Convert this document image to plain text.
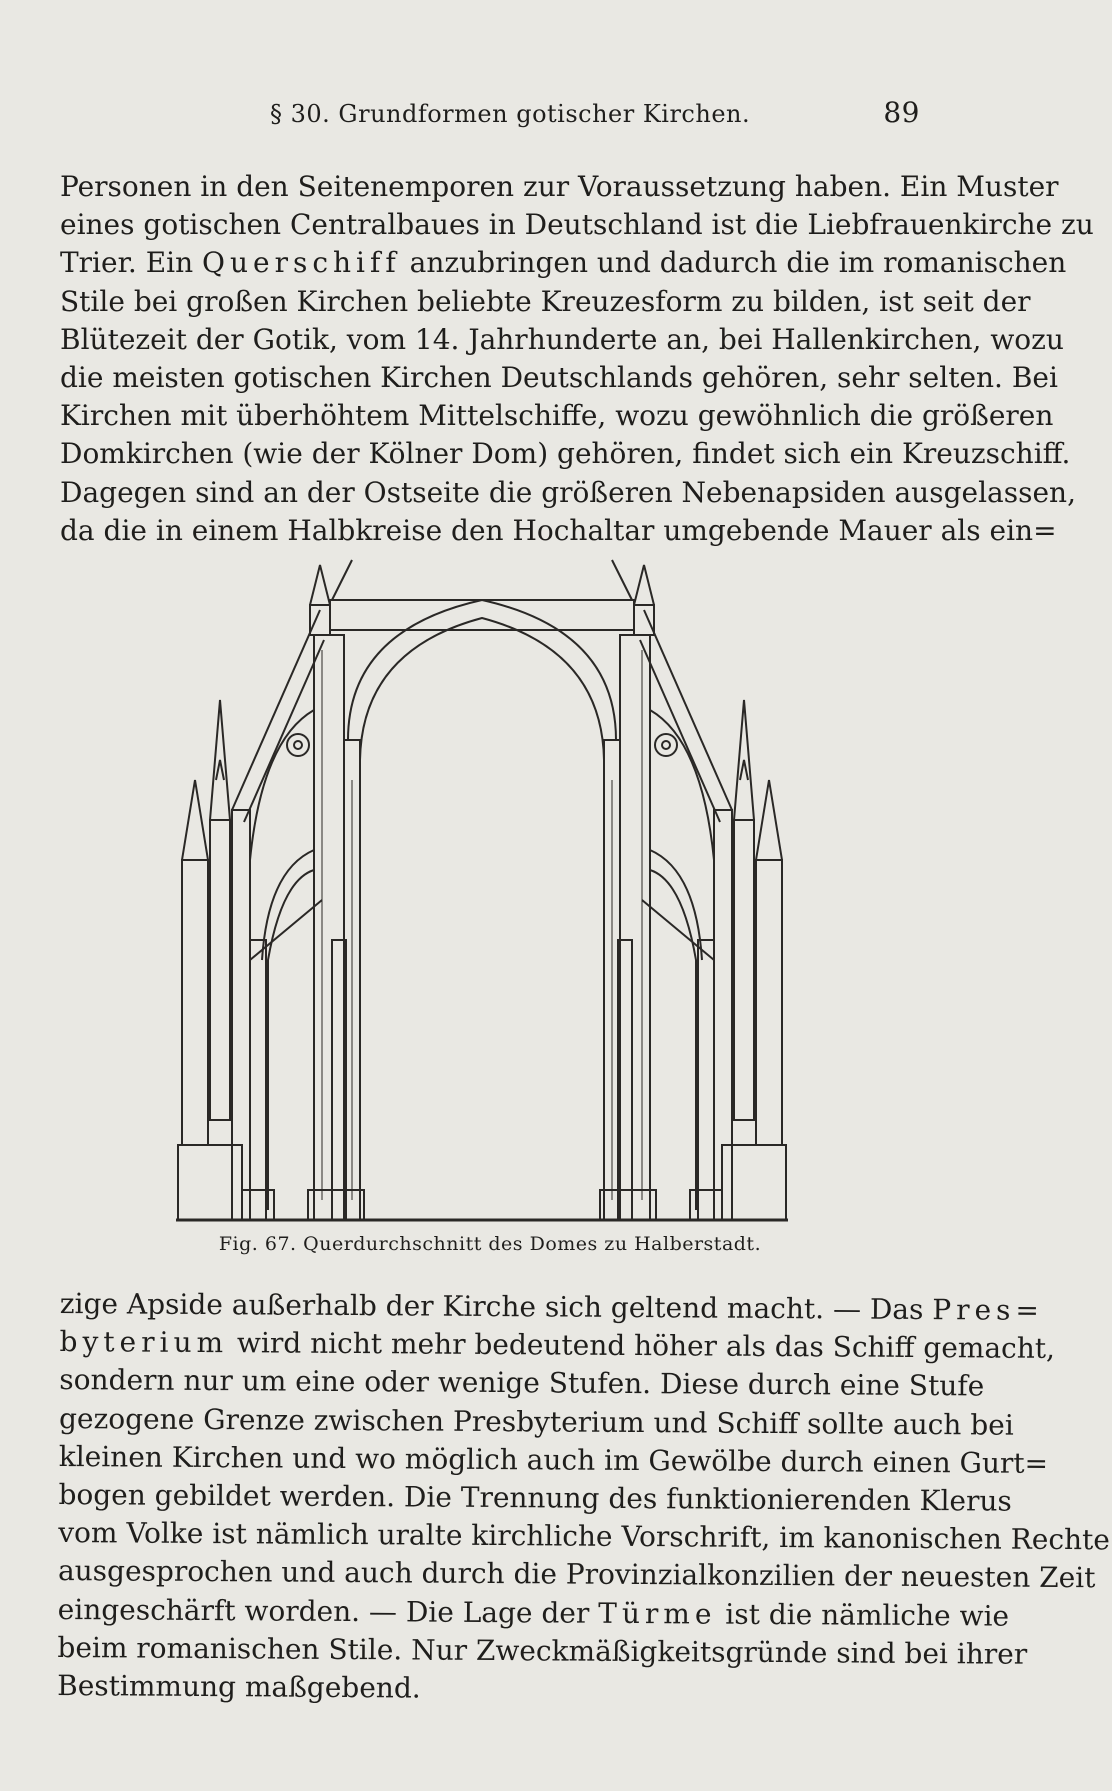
§ 30. Grundformen gotischer Kirchen.	89

Personen in den Seitenemporen zur Voraussetzung haben. Ein Muster
eines gotischen Centralbaues in Deutschland ist die Liebfrauenkirche zu
Trier. Ein Querschiff anzubringen und dadurch die im romanischen
Stile bei großen Kirchen beliebte Kreuzesform zu bilden, ist seit der
Blütezeit der Gotik, vom 14. Jahrhunderte an, bei Hallenkirchen, wozu
die meisten gotischen Kirchen Deutschlands gehören, sehr selten. Bei
Kirchen mit überhöhtem Mittelschiffe, wozu gewöhnlich die größeren
Domkirchen (wie der Kölner Dom) gehören, findet sich ein Kreuzschiff.
Dagegen sind an der Ostseite die größeren Nebenapsiden ausgelassen,
da die in einem Halbkreise den Hochaltar umgebende Mauer als ein=

Fig. 67. Querdurchschnitt des Domes zu Halberstadt.

zige Apside außerhalb der Kirche sich geltend macht. — Das Pres=
byterium wird nicht mehr bedeutend höher als das Schiff gemacht,
sondern nur um eine oder wenige Stufen. Diese durch eine Stufe
gezogene Grenze zwischen Presbyterium und Schiff sollte auch bei
kleinen Kirchen und wo möglich auch im Gewölbe durch einen Gurt=
bogen gebildet werden. Die Trennung des funktionierenden Klerus
vom Volke ist nämlich uralte kirchliche Vorschrift, im kanonischen Rechte
ausgesprochen und auch durch die Provinzialkonzilien der neuesten Zeit
eingeschärft worden. — Die Lage der Türme ist die nämliche wie
beim romanischen Stile. Nur Zweckmäßigkeitsgründe sind bei ihrer
Bestimmung maßgebend.
